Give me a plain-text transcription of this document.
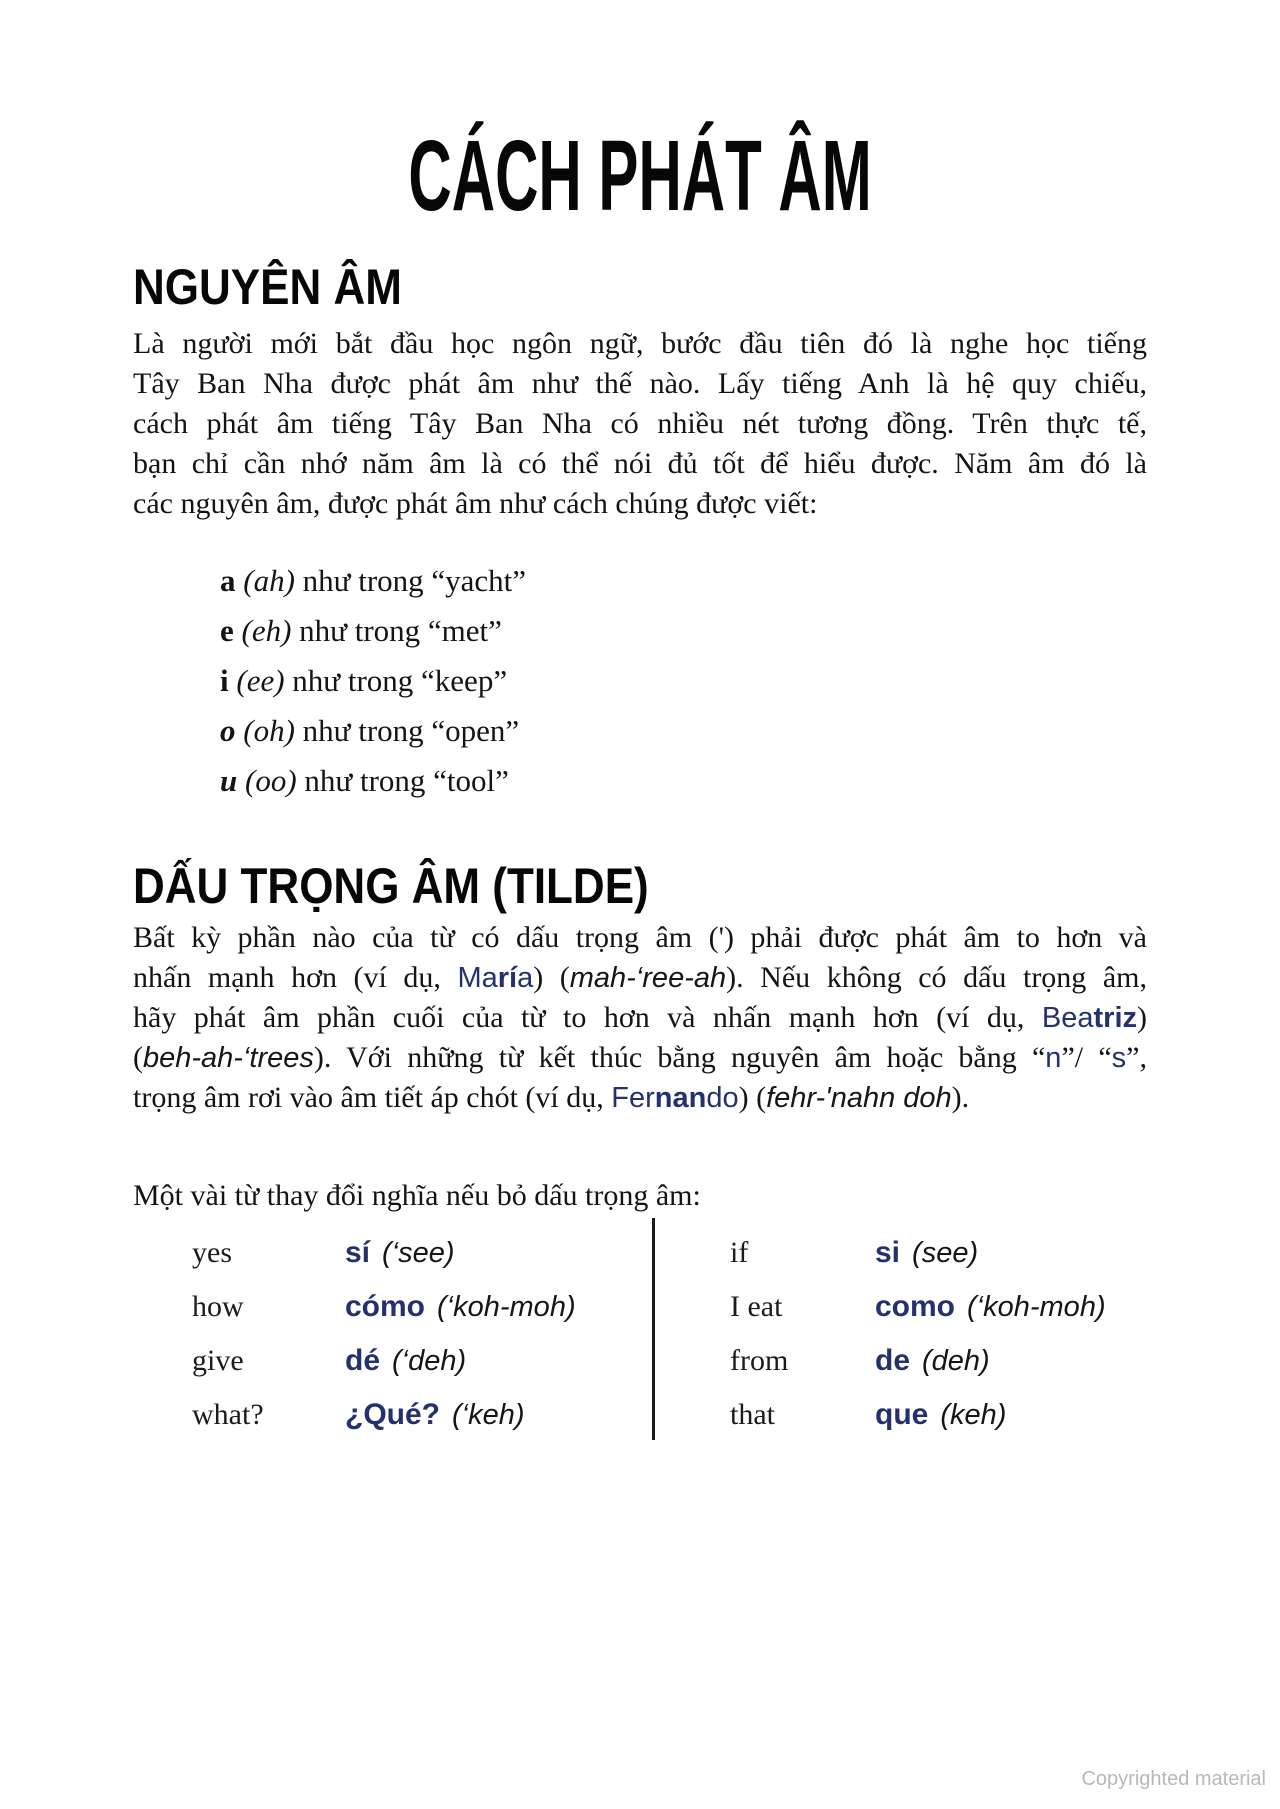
CÁCH PHÁT ÂM
NGUYÊN ÂM
Là người mới bắt đầu học ngôn ngữ, bước đầu tiên đó là nghe học tiếng
Tây Ban Nha được phát âm như thế nào. Lấy tiếng Anh là hệ quy chiếu,
cách phát âm tiếng Tây Ban Nha có nhiều nét tương đồng. Trên thực tế,
bạn chỉ cần nhớ năm âm là có thể nói đủ tốt để hiểu được. Năm âm đó là
các nguyên âm, được phát âm như cách chúng được viết:
a (ah) như trong “yacht”
e (eh) như trong “met”
i (ee) như trong “keep”
o (oh) như trong “open”
u (oo) như trong “tool”
DẤU TRỌNG ÂM (TILDE)
Bất kỳ phần nào của từ có dấu trọng âm (') phải được phát âm to hơn và
nhấn mạnh hơn (ví dụ, María) (mah-‘ree-ah). Nếu không có dấu trọng âm,
hãy phát âm phần cuối của từ to hơn và nhấn mạnh hơn (ví dụ, Beatriz)
(beh-ah-‘trees). Với những từ kết thúc bằng nguyên âm hoặc bằng “n”/ “s”,
trọng âm rơi vào âm tiết áp chót (ví dụ, Fernando) (fehr-'nahn doh).
Một vài từ thay đổi nghĩa nếu bỏ dấu trọng âm:
yes	sí (‘see)
how	cómo (‘koh-moh)
give	dé (‘deh)
what?	¿Qué? (‘keh)
if	si (see)
I eat	como (‘koh-moh)
from	de (deh)
that	que (keh)
Copyrighted material
